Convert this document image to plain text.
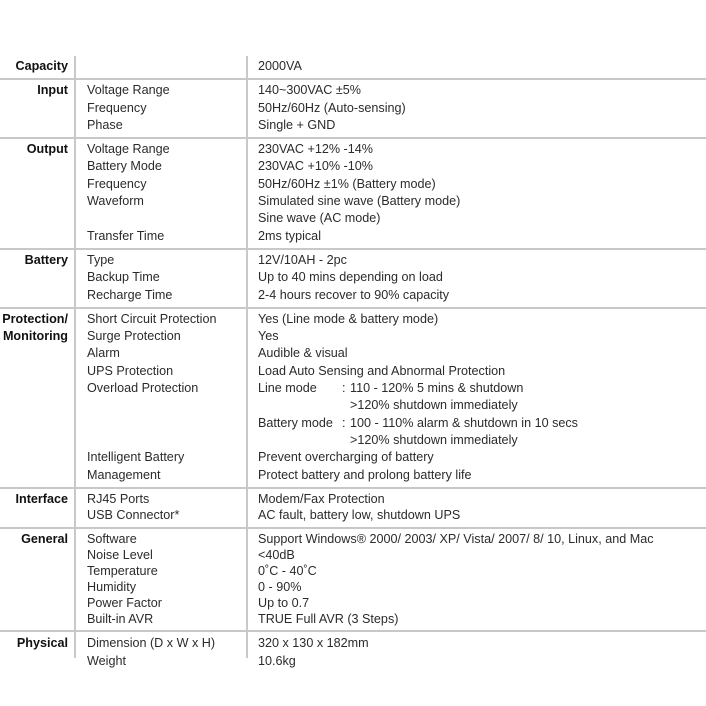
Capacity	2000VA
Input	Voltage Range	140~300VAC ±5%
Frequency	50Hz/60Hz (Auto-sensing)
Phase	Single + GND
Output	Voltage Range	230VAC +12% -14%
Battery Mode	230VAC +10% -10%
Frequency	50Hz/60Hz ±1% (Battery mode)
Waveform	Simulated sine wave (Battery mode)
Sine wave (AC mode)
Transfer Time	2ms typical
Battery	Type	12V/10AH - 2pc
Backup Time	Up to 40 mins depending on load
Recharge Time	2-4 hours recover to 90% capacity
Protection/	Short Circuit Protection	Yes (Line mode & battery mode)
Monitoring	Surge Protection	Yes
Alarm	Audible & visual
UPS Protection	Load Auto Sensing and Abnormal Protection
Overload Protection	Line mode : 110 - 120% 5 mins & shutdown
>120% shutdown immediately
Battery mode : 100 - 110% alarm & shutdown in 10 secs
>120% shutdown immediately
Intelligent Battery	Prevent overcharging of battery
Management	Protect battery and prolong battery life
Interface	RJ45 Ports	Modem/Fax Protection
USB Connector*	AC fault, battery low, shutdown UPS
General	Software	Support Windows® 2000/ 2003/ XP/ Vista/ 2007/ 8/ 10, Linux, and Mac
Noise Level	<40dB
Temperature	0˚C - 40˚C
Humidity	0 - 90%
Power Factor	Up to 0.7
Built-in AVR	TRUE Full AVR (3 Steps)
Physical	Dimension (D x W x H)	320 x 130 x 182mm
Weight	10.6kg
